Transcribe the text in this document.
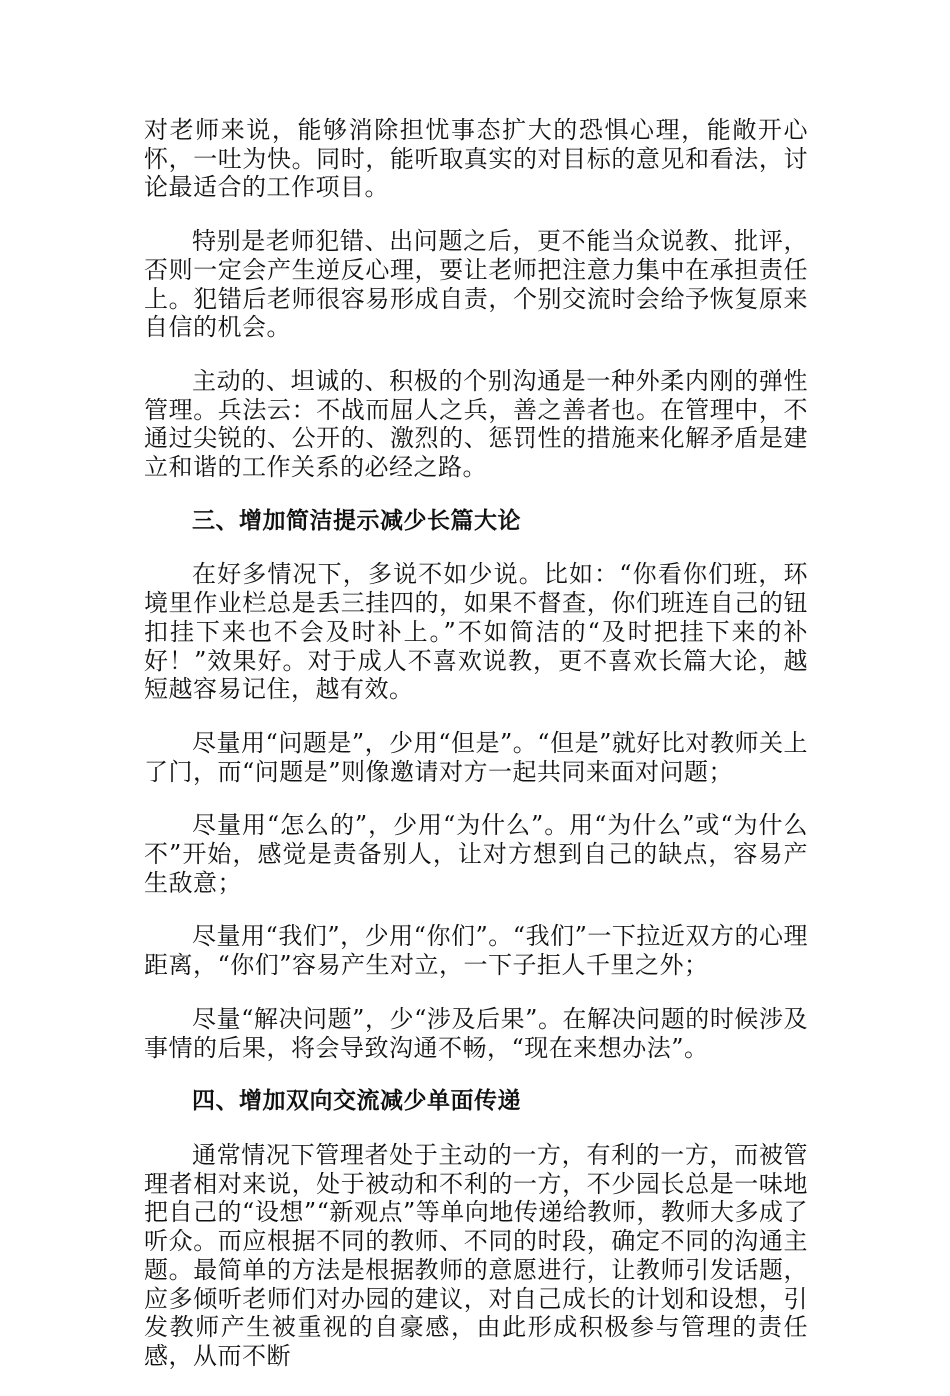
对老师来说，能够消除担忧事态扩大的恐惧心理，能敞开心怀，一吐为快。同时，能听取真实的对目标的意见和看法，讨论最适合的工作项目。

特别是老师犯错、出问题之后，更不能当众说教、批评，否则一定会产生逆反心理，要让老师把注意力集中在承担责任上。犯错后老师很容易形成自责，个别交流时会给予恢复原来自信的机会。

主动的、坦诚的、积极的个别沟通是一种外柔内刚的弹性管理。兵法云：不战而屈人之兵，善之善者也。在管理中，不通过尖锐的、公开的、激烈的、惩罚性的措施来化解矛盾是建立和谐的工作关系的必经之路。

三、增加简洁提示减少长篇大论

在好多情况下，多说不如少说。比如：“你看你们班，环境里作业栏总是丢三挂四的，如果不督查，你们班连自己的钮扣挂下来也不会及时补上。”不如简洁的“及时把挂下来的补好！”效果好。对于成人不喜欢说教，更不喜欢长篇大论，越短越容易记住，越有效。

尽量用“问题是”，少用“但是”。“但是”就好比对教师关上了门，而“问题是”则像邀请对方一起共同来面对问题；

尽量用“怎么的”，少用“为什么”。用“为什么”或“为什么不”开始，感觉是责备别人，让对方想到自己的缺点，容易产生敌意；

尽量用“我们”，少用“你们”。“我们”一下拉近双方的心理距离，“你们”容易产生对立，一下子拒人千里之外；

尽量“解决问题”，少“涉及后果”。在解决问题的时候涉及事情的后果，将会导致沟通不畅，“现在来想办法”。

四、增加双向交流减少单面传递

通常情况下管理者处于主动的一方，有利的一方，而被管理者相对来说，处于被动和不利的一方，不少园长总是一味地把自己的“设想”“新观点”等单向地传递给教师，教师大多成了听众。而应根据不同的教师、不同的时段，确定不同的沟通主题。最简单的方法是根据教师的意愿进行，让教师引发话题，应多倾听老师们对办园的建议，对自己成长的计划和设想，引发教师产生被重视的自豪感，由此形成积极参与管理的责任感，从而不断
